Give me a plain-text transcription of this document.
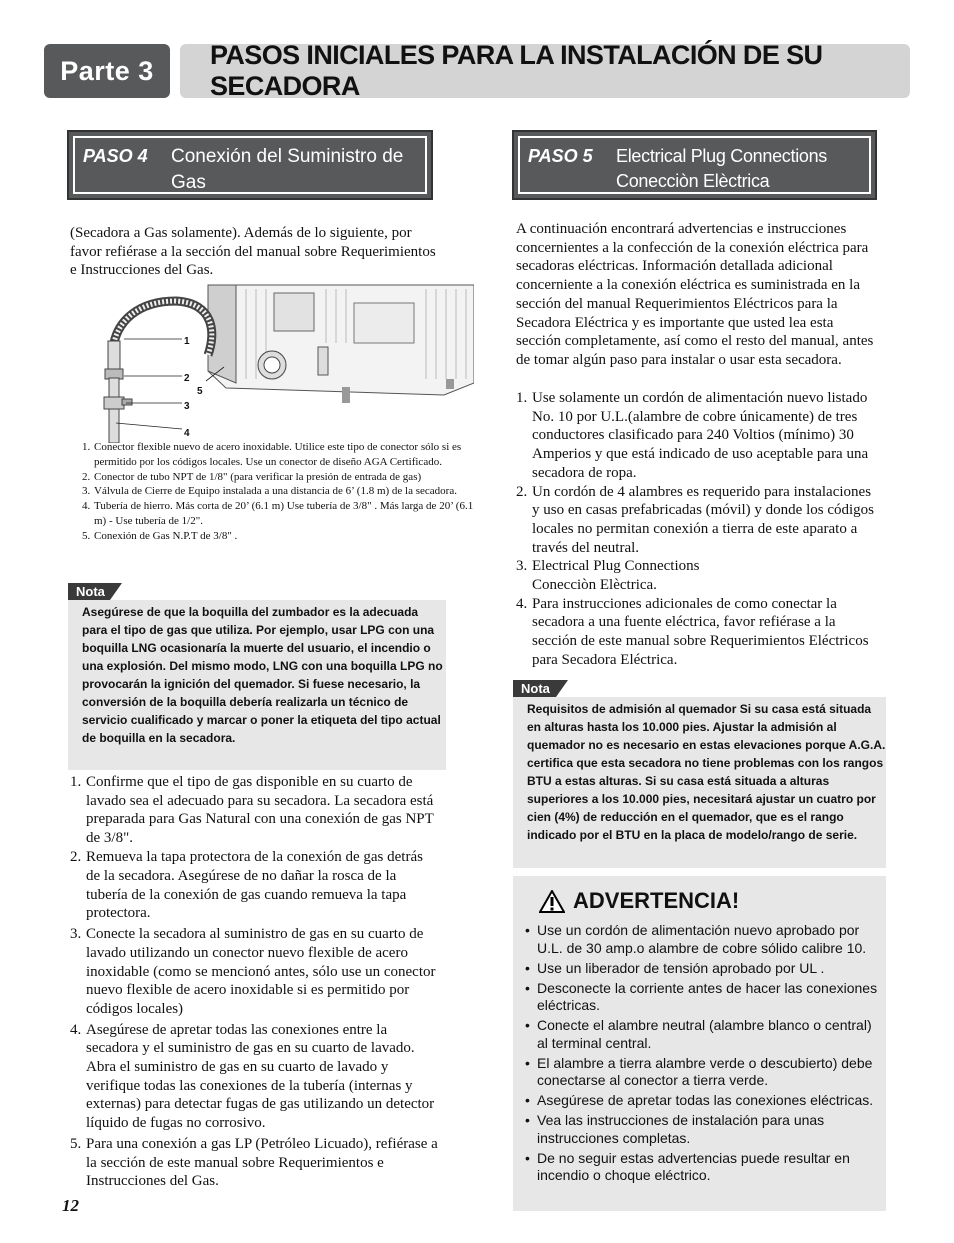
Parte 3
PASOS INICIALES PARA LA INSTALACIÓN DE SU SECADORA
PASO 4	Conexión del Suministro de Gas
PASO 5	Electrical Plug Connections
Conecciòn Elèctrica
(Secadora a Gas solamente). Además de lo siguiente, por favor refiérase a la sección del manual sobre Requerimientos e Instrucciones del Gas.
1
2
3
4
5
1. Conector flexible nuevo de acero inoxidable. Utilice este tipo de conector sólo si es permitido por los códigos locales. Use un conector de diseño AGA Certificado.
2. Conector de tubo NPT de 1/8" (para verificar la presión de entrada de gas)
3. Válvula de Cierre de Equipo instalada a una distancia de 6’ (1.8 m) de la secadora.
4. Tubería de hierro. Más corta de 20’ (6.1 m) Use tubería de 3/8" . Más larga de 20’ (6.1 m) - Use tubería de 1/2".
5. Conexión de Gas N.P.T de 3/8" .
Nota
Asegúrese de que la boquilla del zumbador es la adecuada para el tipo de gas que utiliza. Por ejemplo, usar LPG con una boquilla LNG ocasionaría la muerte del usuario, el incendio o una explosión. Del mismo modo, LNG con una boquilla LPG no provocarán la ignición del quemador. Si fuese necesario, la conversión de la boquilla debería realizarla un técnico de servicio cualificado y marcar o poner la etiqueta del tipo actual de boquilla en la secadora.
1. Confirme que el tipo de gas disponible en su cuarto de lavado sea el adecuado para su secadora. La secadora está preparada para Gas Natural con una conexión de gas NPT de 3/8".
2. Remueva la tapa protectora de la conexión de gas detrás de la secadora. Asegúrese de no dañar la rosca de la tubería de la conexión de gas cuando remueva la tapa protectora.
3. Conecte la secadora al suministro de gas en su cuarto de lavado utilizando un conector nuevo flexible de acero inoxidable (como se mencionó antes, sólo use un conector nuevo flexible de acero inoxidable si es permitido por códigos locales)
4. Asegúrese de apretar todas las conexiones entre la secadora y el suministro de gas en su cuarto de lavado. Abra el suministro de gas en su cuarto de lavado y verifique todas las conexiones de la tubería (internas y externas) para detectar fugas de gas utilizando un detector líquido de fugas no corrosivo.
5. Para una conexión a gas LP (Petróleo Licuado), refiérase a la sección de este manual sobre Requerimientos e Instrucciones del Gas.
A continuación encontrará advertencias e instrucciones concernientes a la confección de la conexión eléctrica para secadoras eléctricas. Información detallada adicional concerniente a la conexión eléctrica es suministrada en la sección del manual Requerimientos Eléctricos para la Secadora Eléctrica y es importante que usted lea esta sección completamente, así como el resto del manual, antes de tomar algún paso para instalar o usar esta secadora.
1. Use solamente un cordón de alimentación nuevo listado No. 10 por U.L.(alambre de cobre únicamente) de tres conductores clasificado para 240 Voltios (mínimo) 30 Amperios y que está indicado de uso aceptable para una secadora de ropa.
2. Un cordón de 4 alambres es requerido para instalaciones y uso en casas prefabricadas (móvil) y donde los códigos locales no permitan conexión a tierra de este aparato a través del neutral.
3. Electrical Plug Connections
Conecciòn Elèctrica.
4. Para instrucciones adicionales de como conectar la secadora a una fuente eléctrica, favor refiérase a la sección de este manual sobre Requerimientos Eléctricos para Secadora Eléctrica.
Nota
Requisitos de admisión al quemador Si su casa está situada en alturas hasta los 10.000 pies. Ajustar la admisión al quemador no es necesario en estas elevaciones porque A.G.A. certifica que esta secadora no tiene problemas con los rangos BTU a estas alturas. Si su casa está situada a alturas superiores a los 10.000 pies, necesitará ajustar un cuatro por cien (4%) de reducción en el quemador, que es el rango indicado por el BTU en la placa de modelo/rango de serie.
ADVERTENCIA!
• Use un cordón de alimentación nuevo aprobado por U.L. de 30 amp.o alambre de cobre sólido calibre 10.
• Use un liberador de tensión aprobado por UL .
• Desconecte la corriente antes de hacer las conexiones eléctricas.
• Conecte el alambre neutral (alambre blanco o central) al terminal central.
• El alambre a tierra alambre verde o descubierto) debe conectarse al conector a tierra verde.
• Asegúrese de apretar todas las conexiones eléctricas.
• Vea las instrucciones de instalación para unas instrucciones completas.
• De no seguir estas advertencias puede resultar en incendio o choque eléctrico.
12
